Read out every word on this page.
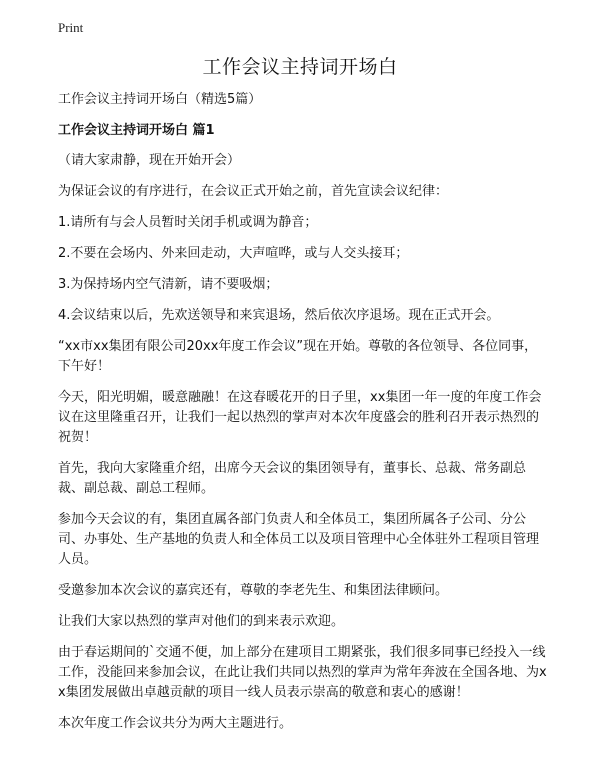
Print
工作会议主持词开场白

工作会议主持词开场白（精选5篇）

工作会议主持词开场白 篇1

（请大家肃静，现在开始开会）

为保证会议的有序进行，在会议正式开始之前，首先宣读会议纪律：

1.请所有与会人员暂时关闭手机或调为静音；

2.不要在会场内、外来回走动，大声喧哗，或与人交头接耳；

3.为保持场内空气清新，请不要吸烟；

4.会议结束以后，先欢送领导和来宾退场，然后依次序退场。现在正式开会。

“xx市xx集团有限公司20xx年度工作会议”现在开始。尊敬的各位领导、各位同事，下午好！

今天，阳光明媚，暖意融融！在这春暖花开的日子里，xx集团一年一度的年度工作会议在这里隆重召开，让我们一起以热烈的掌声对本次年度盛会的胜利召开表示热烈的祝贺！

首先，我向大家隆重介绍，出席今天会议的集团领导有，董事长、总裁、常务副总裁、副总裁、副总工程师。

参加今天会议的有，集团直属各部门负责人和全体员工，集团所属各子公司、分公司、办事处、生产基地的负责人和全体员工以及项目管理中心全体驻外工程项目管理人员。

受邀参加本次会议的嘉宾还有，尊敬的李老先生、和集团法律顾问。

让我们大家以热烈的掌声对他们的到来表示欢迎。

由于春运期间的`交通不便，加上部分在建项目工期紧张，我们很多同事已经投入一线工作，没能回来参加会议，在此让我们共同以热烈的掌声为常年奔波在全国各地、为xx集团发展做出卓越贡献的项目一线人员表示崇高的敬意和衷心的感谢！

本次年度工作会议共分为两大主题进行。
